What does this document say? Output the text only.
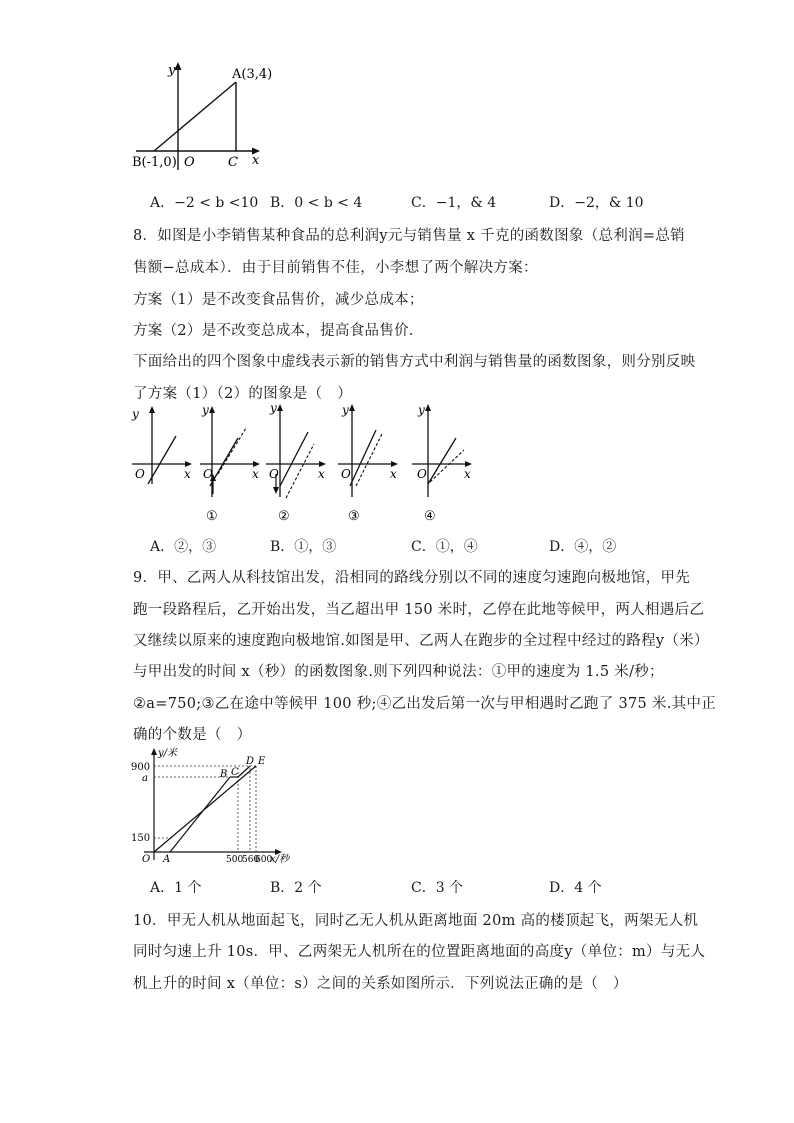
y
x
A(3,4)
B(-1,0) O	C
A．−2 < b <10 B．0 < b < 4	C．−1，& 4	D．−2，& 10
8．如图是小李销售某种食品的总利润y元与销售量 x 千克的函数图象（总利润=总销
售额−总成本）．由于目前销售不佳，小李想了两个解决方案：
方案（1）是不改变食品售价，减少总成本；
方案（2）是不改变总成本，提高食品售价．
下面给出的四个图象中虚线表示新的销售方式中利润与销售量的函数图象，则分别反映
了方案（1）（2）的图象是（　）
y
O	x
y
O	x
①
y
O	x
②
y
O	x
③
y
O	x
④
A．②，③	B．①，③	C．①，④	D．④，②
9．甲、乙两人从科技馆出发，沿相同的路线分别以不同的速度匀速跑向极地馆，甲先
跑一段路程后，乙开始出发，当乙超出甲 150 米时，乙停在此地等候甲，两人相遇后乙
又继续以原来的速度跑向极地馆.如图是甲、乙两人在跑步的全过程中经过的路程y（米）
与甲出发的时间 x（秒）的函数图象.则下列四种说法：①甲的速度为 1.5 米/秒；
②a=750;③乙在途中等候甲 100 秒;④乙出发后第一次与甲相遇时乙跑了 375 米.其中正
确的个数是（　）
y/米
x/秒
900
a
150
O A
B C
D E
500
560
600
A．1 个	B．2 个	C．3 个	D．4 个
10．甲无人机从地面起飞，同时乙无人机从距离地面 20m 高的楼顶起飞，两架无人机
同时匀速上升 10s．甲、乙两架无人机所在的位置距离地面的高度y（单位：m）与无人
机上升的时间 x（单位：s）之间的关系如图所示．下列说法正确的是（　）
